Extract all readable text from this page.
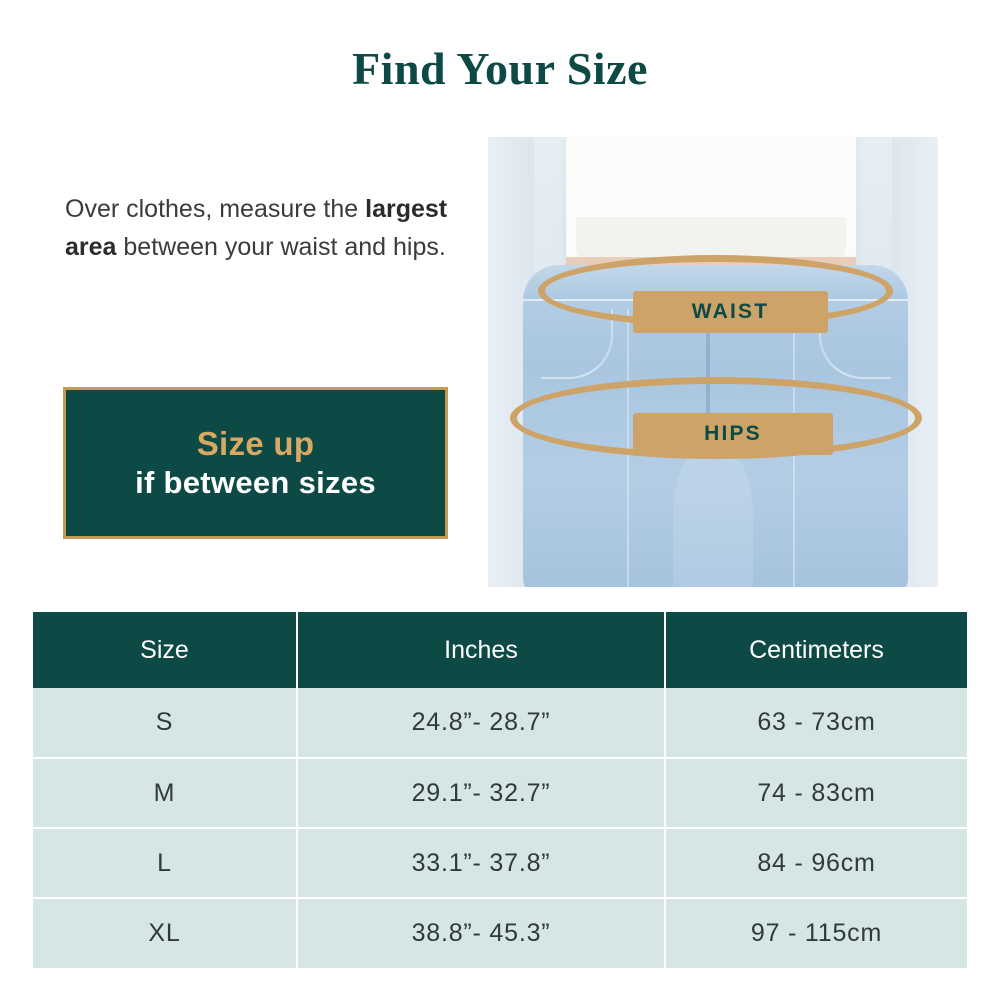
Find Your Size

Over clothes, measure the largest area between your waist and hips.

Size up
if between sizes
WAIST
HIPS
Size	Inches	Centimeters
S	24.8”- 28.7”	63 - 73cm
M	29.1”- 32.7”	74 - 83cm
L	33.1”- 37.8”	84 - 96cm
XL	38.8”- 45.3”	97 - 115cm
